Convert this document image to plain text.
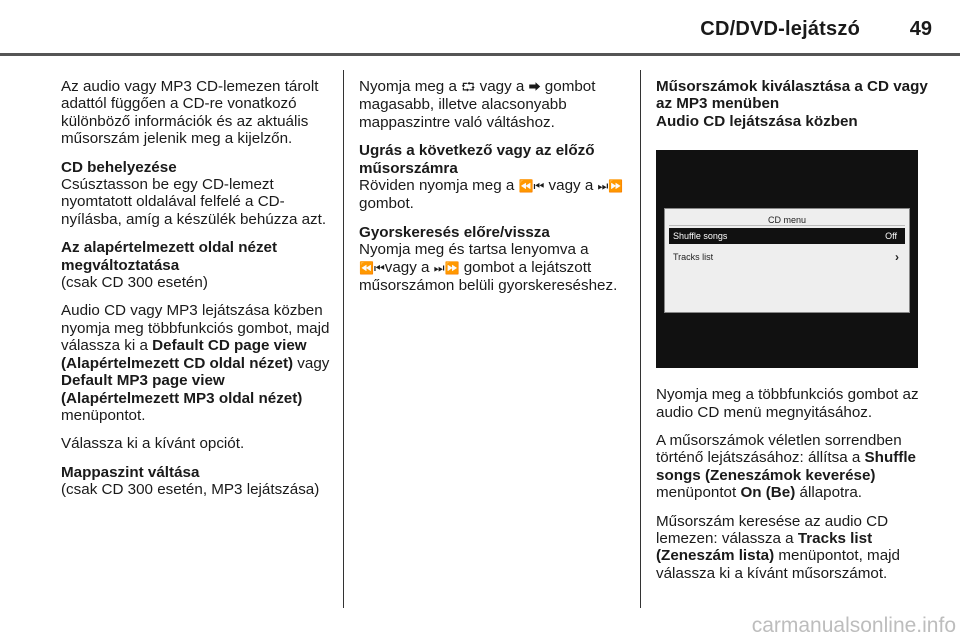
CD/DVD-lejátszó	49

Az audio vagy MP3 CD-lemezen tárolt adattól függően a CD-re vonatkozó különböző információk és az aktuális műsorszám jelenik meg a kijelzőn.

CD behelyezése
Csúsztasson be egy CD-lemezt nyomtatott oldalával felfelé a CD-nyílásba, amíg a készülék behúzza azt.

Az alapértelmezett oldal nézet megváltoztatása
(csak CD 300 esetén)

Audio CD vagy MP3 lejátszása közben nyomja meg többfunkciós gombot, majd válassza ki a Default CD page view (Alapértelmezett CD oldal nézet) vagy Default MP3 page view (Alapértelmezett MP3 oldal nézet) menüpontot.

Válassza ki a kívánt opciót.

Mappaszint váltása
(csak CD 300 esetén, MP3 lejátszása)

Nyomja meg a ⮔ vagy a ⮕ gombot magasabb, illetve alacsonyabb mappaszintre való váltáshoz.

Ugrás a következő vagy az előző műsorszámra
Röviden nyomja meg a ⏪⏮ vagy a ⏭⏩ gombot.

Gyorskeresés előre/vissza
Nyomja meg és tartsa lenyomva a ⏪⏮vagy a ⏭⏩ gombot a lejátszott műsorszámon belüli gyorskereséshez.

Műsorszámok kiválasztása a CD vagy az MP3 menüben
Audio CD lejátszása közben
CD menu
Shuffle songs	Off
Tracks list	›

Nyomja meg a többfunkciós gombot az audio CD menü megnyitásához.

A műsorszámok véletlen sorrendben történő lejátszásához: állítsa a Shuffle songs (Zeneszámok keverése) menüpontot On (Be) állapotra.

Műsorszám keresése az audio CD lemezen: válassza a Tracks list (Zeneszám lista) menüpontot, majd válassza ki a kívánt műsorszámot.

carmanualsonline.info
